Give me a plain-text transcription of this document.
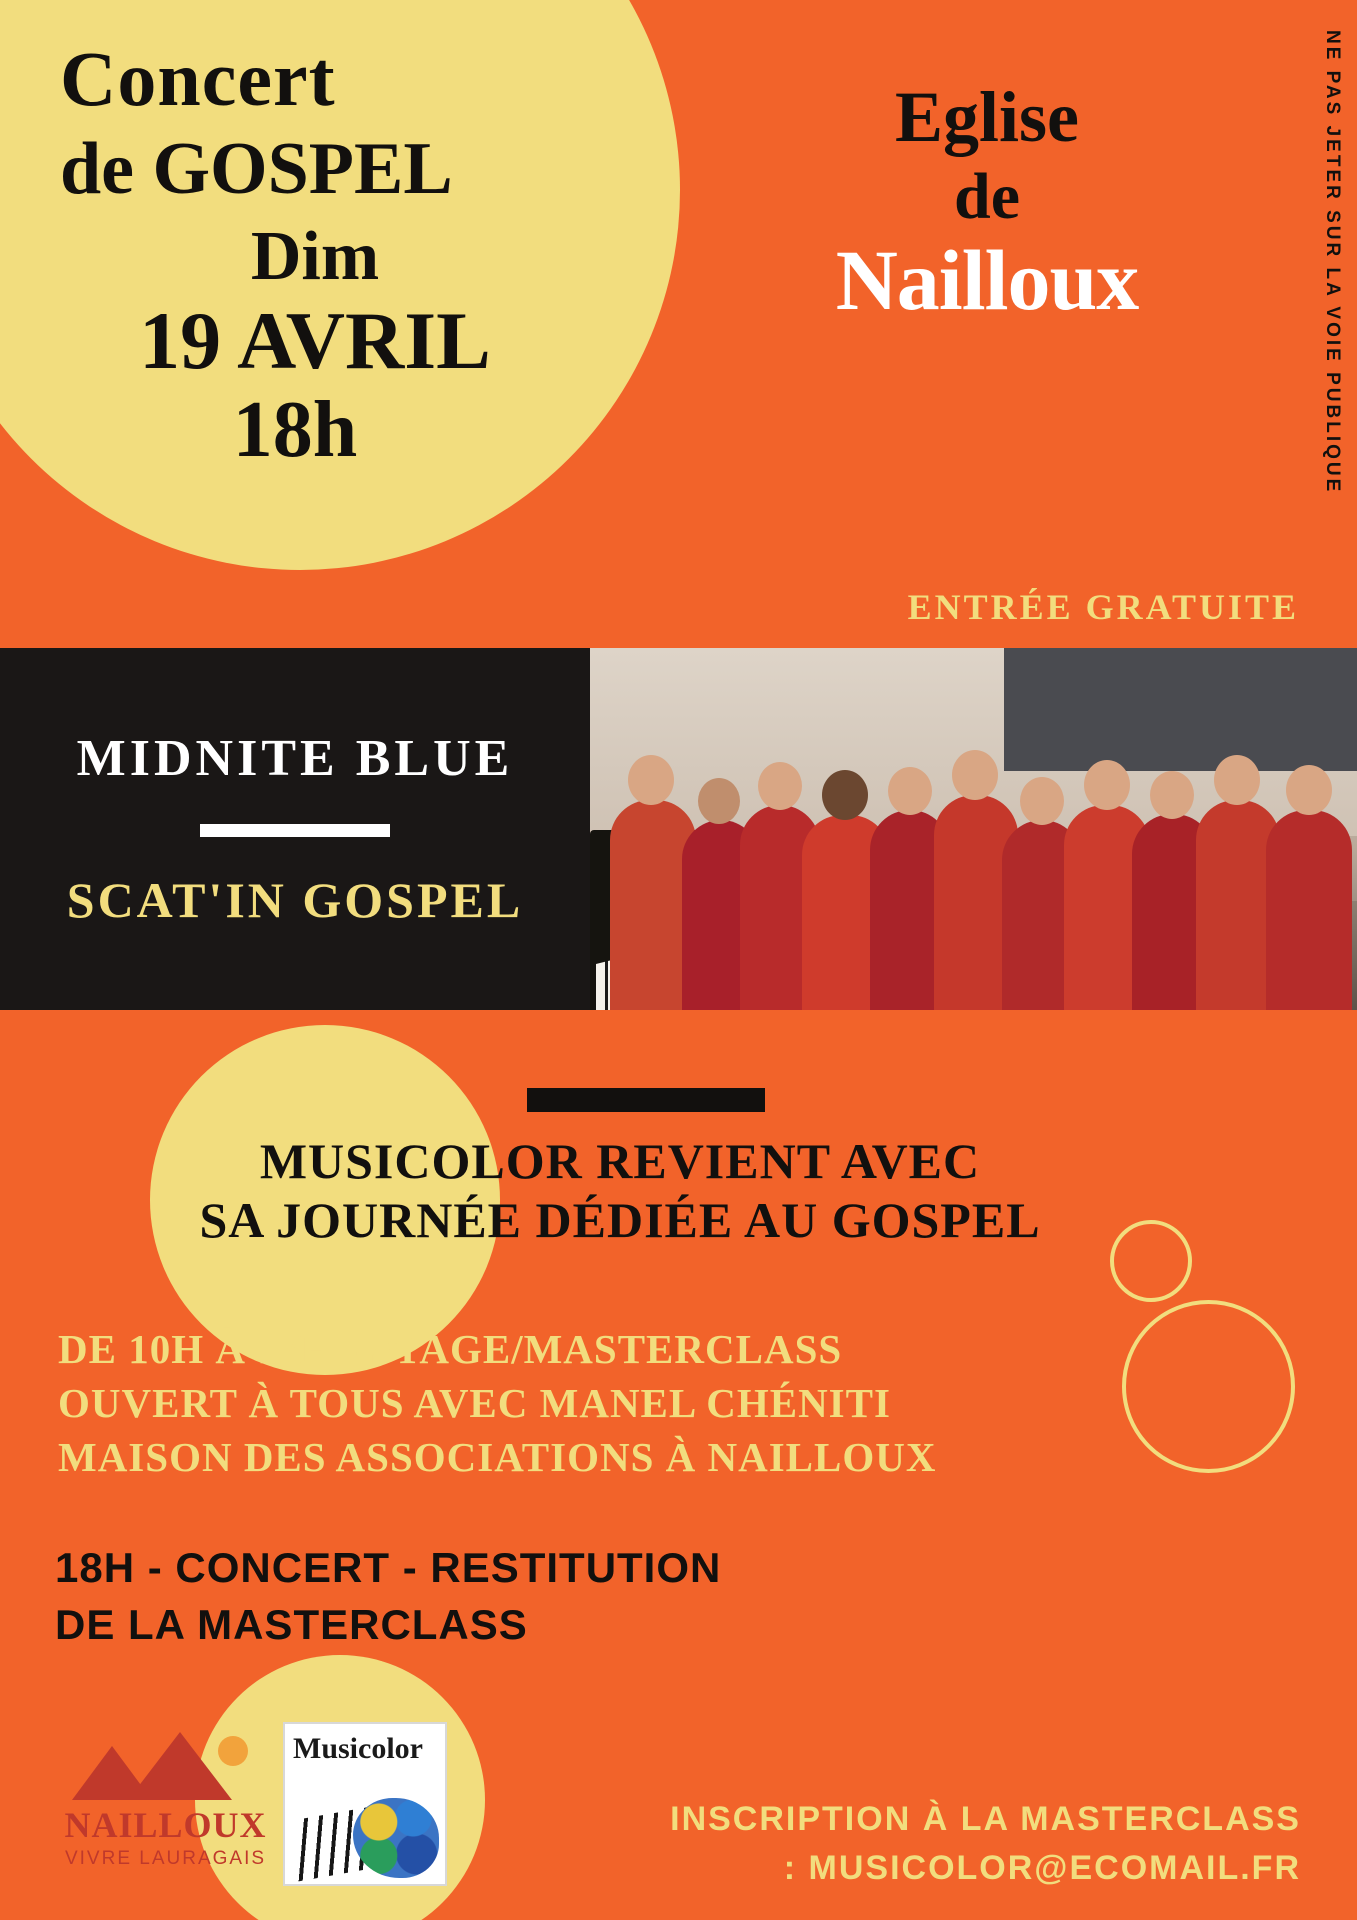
Concert
de GOSPEL
Dim
19 AVRIL
18h
Eglise
de
Nailloux	NE PAS JETER SUR LA VOIE PUBLIQUE
ENTRÉE GRATUITE
MIDNITE BLUE
SCAT'IN GOSPEL
MUSICOLOR REVIENT AVEC
SA JOURNÉE DÉDIÉE AU GOSPEL
DE 10H À 17H - STAGE/MASTERCLASS
OUVERT À TOUS AVEC MANEL CHÉNITI
MAISON DES ASSOCIATIONS À NAILLOUX
18H - CONCERT - RESTITUTION
DE LA MASTERCLASS
NAILLOUX
VIVRE LAURAGAIS
Musicolor
INSCRIPTION À LA MASTERCLASS
: MUSICOLOR@ECOMAIL.FR
